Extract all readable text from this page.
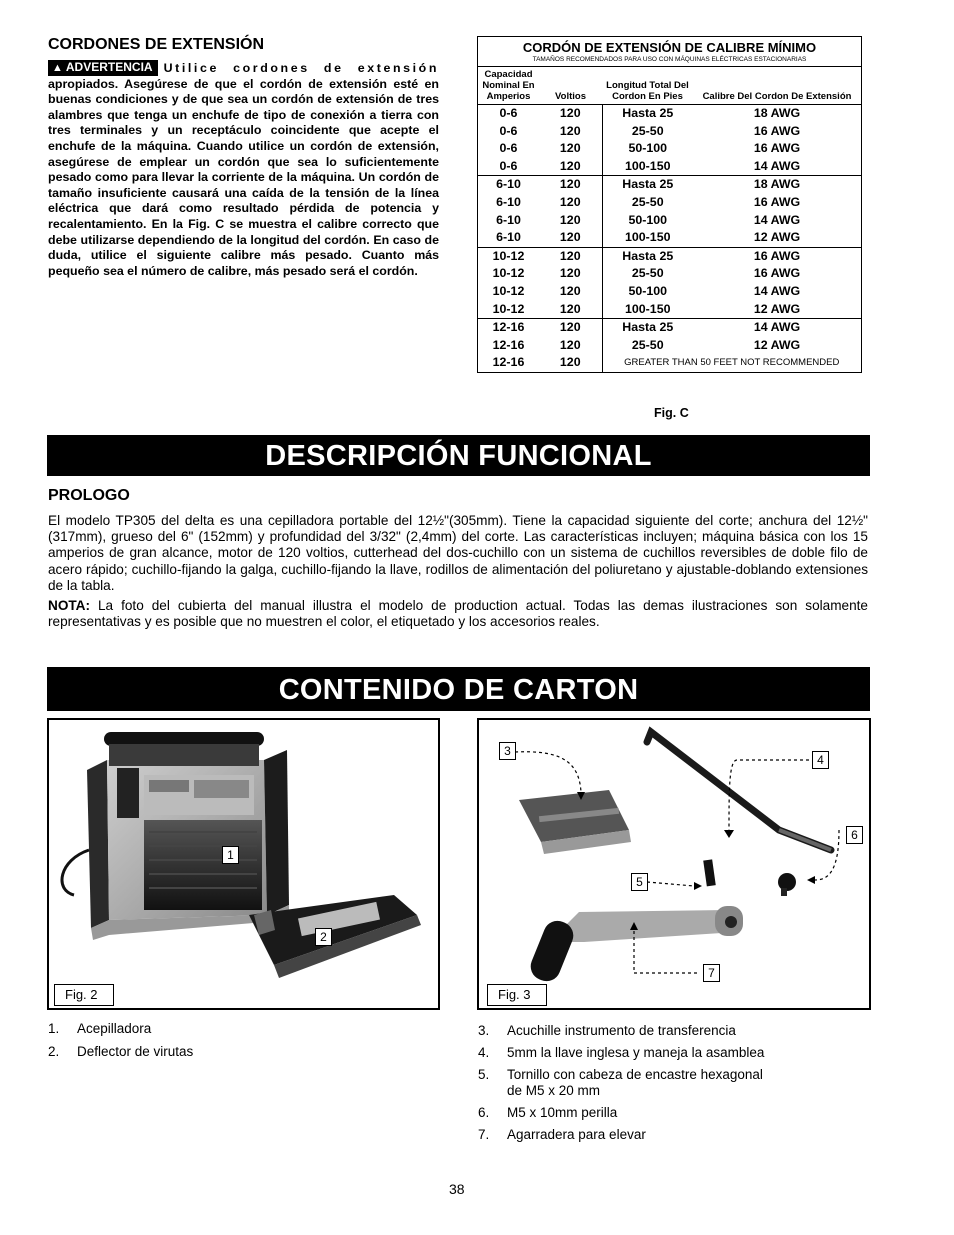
CORDONES DE EXTENSIÓN
▲ ADVERTENCIA Utilice cordones de extensión apropiados. Asegúrese de que el cordón de extensión esté en buenas condiciones y de que sea un cordón de extensión de tres alambres que tenga un enchufe de tipo de conexión a tierra con tres terminales y un receptáculo coincidente que acepte el enchufe de la máquina. Cuando utilice un cordón de extensión, asegúrese de emplear un cordón que sea lo suficientemente pesado como para llevar la corriente de la máquina. Un cordón de tamaño insuficiente causará una caída de la tensión de la línea eléctrica que dará como resultado pérdida de potencia y recalentamiento. En la Fig. C se muestra el calibre correcto que debe utilizarse dependiendo de la longitud del cordón. En caso de duda, utilice el siguiente calibre más pesado. Cuanto más pequeño sea el número de calibre, más pesado será el cordón.
CORDÓN DE EXTENSIÓN DE CALIBRE MÍNIMO
TAMAÑOS RECOMENDADOS PARA USO CON MÁQUINAS ELÉCTRICAS ESTACIONARIAS
Capacidad Nominal En Amperios	Voltios	Longitud Total Del Cordon En Pies	Calibre Del Cordon De Extensión
0-6	120	Hasta 25	18 AWG
0-6	120	25-50	16 AWG
0-6	120	50-100	16 AWG
0-6	120	100-150	14 AWG
6-10	120	Hasta 25	18 AWG
6-10	120	25-50	16 AWG
6-10	120	50-100	14 AWG
6-10	120	100-150	12 AWG
10-12	120	Hasta 25	16 AWG
10-12	120	25-50	16 AWG
10-12	120	50-100	14 AWG
10-12	120	100-150	12 AWG
12-16	120	Hasta 25	14 AWG
12-16	120	25-50	12 AWG
12-16	120	GREATER THAN 50 FEET NOT RECOMMENDED	
Fig. C
DESCRIPCIÓN FUNCIONAL
PROLOGO
El modelo TP305 del delta es una cepilladora portable del 12½"(305mm). Tiene la capacidad siguiente del corte; anchura del 12½"(317mm), grueso del 6" (152mm) y profundidad del 3/32" (2,4mm) del corte. Las características incluyen; máquina básica con los 15 amperios de gran alcance, motor de 120 voltios, cutterhead del dos-cuchillo con un sistema de cuchillos reversibles de doble filo de acero rápido; cuchillo-fijando la galga, cuchillo-fijando la llave, rodillos de alimentación del poliuretano y ajustable-doblando extensiones de la tabla.
NOTA: La foto del cubierta del manual illustra el modelo de production actual. Todas las demas ilustraciones son solamente representativas y es posible que no muestren el color, el etiquetado y los accesorios reales.
CONTENIDO DE CARTON
1
2
Fig. 2
3
4
5
6
7
Fig. 3
1. Acepilladora
2. Deflector de virutas
3. Acuchille instrumento de transferencia
4. 5mm la llave inglesa y maneja la asamblea
5. Tornillo con cabeza de encastre hexagonal
de M5 x 20 mm
6. M5 x 10mm perilla
7. Agarradera para elevar
38
